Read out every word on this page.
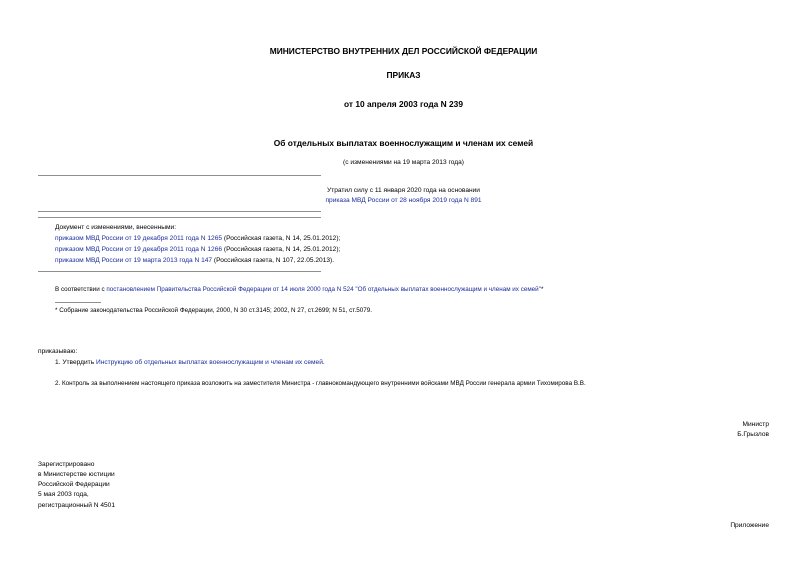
МИНИСТЕРСТВО ВНУТРЕННИХ ДЕЛ РОССИЙСКОЙ ФЕДЕРАЦИИ
ПРИКАЗ
от 10 апреля 2003 года N 239
Об отдельных выплатах военнослужащим и членам их семей
(с изменениями на 19 марта 2013 года)
Утратил силу с 11 января 2020 года на основании
приказа МВД России от 28 ноября 2019 года N 891
Документ с изменениями, внесенными:
приказом МВД России от 19 декабря 2011 года N 1265 (Российская газета, N 14, 25.01.2012);
приказом МВД России от 19 декабря 2011 года N 1266 (Российская газета, N 14, 25.01.2012);
приказом МВД России от 19 марта 2013 года N 147 (Российская газета, N 107, 22.05.2013).
В соответствии с постановлением Правительства Российской Федерации от 14 июля 2000 года N 524 "Об отдельных выплатах военнослужащим и членам их семей"*
* Собрание законодательства Российской Федерации, 2000, N 30 ст.3145; 2002, N 27, ст.2699; N 51, ст.5079.
приказываю:
1. Утвердить Инструкцию об отдельных выплатах военнослужащим и членам их семей.
2. Контроль за выполнением настоящего приказа возложить на заместителя Министра - главнокомандующего внутренними войсками МВД России генерала армии Тихомирова В.В.
Министр
Б.Грызлов
Зарегистрировано
в Министерстве юстиции
Российской Федерации
5 мая 2003 года,
регистрационный N 4501
Приложение
